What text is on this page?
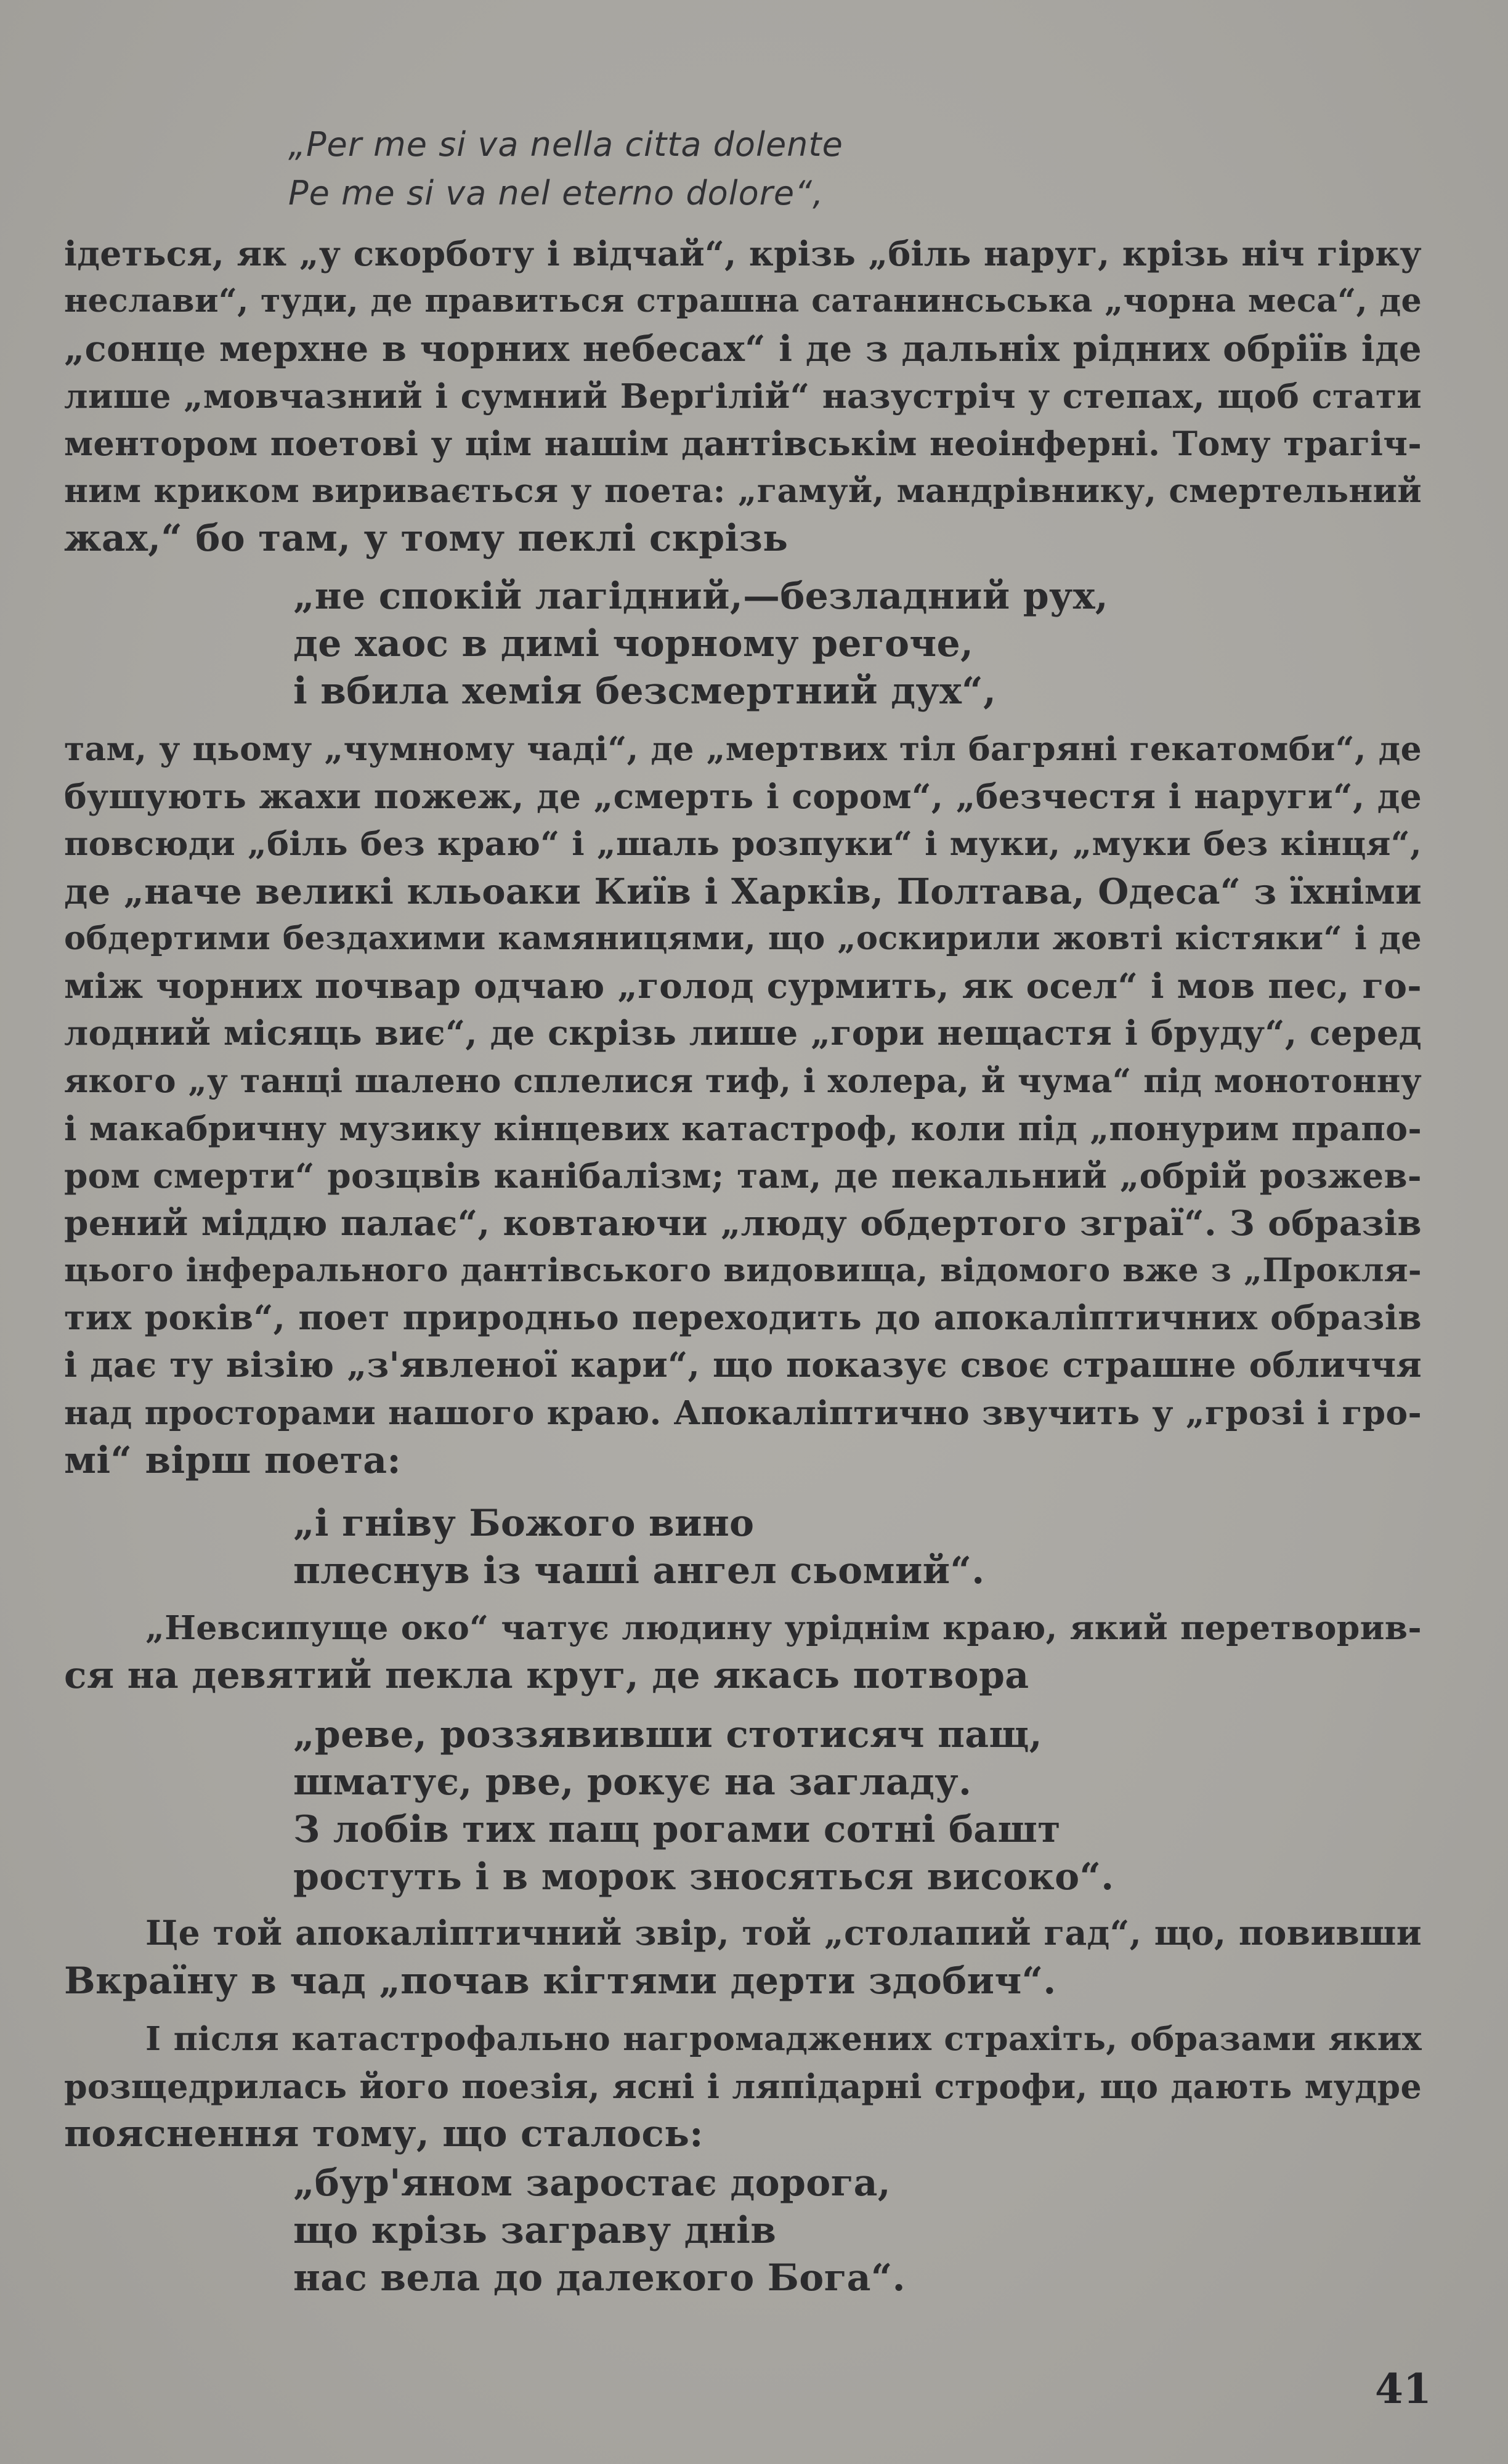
„Per me si va nella citta dolente
Pe me si va nel eterno dolore“,
ідеться, як „у скорботу і відчай“, крізь „біль наруг, крізь ніч гірку
неслави“, туди, де правиться страшна сатанинсьська „чорна меса“, де
„сонце мерхне в чорних небесах“ і де з дальніх рідних обріїв іде
лише „мовчазний і сумний Верґілій“ назустріч у степах, щоб стати
ментором поетові у цім нашім дантівськім неоінферні. Тому трагіч-
ним криком виривається у поета: „гамуй, мандрівнику, смертельний
жах,“ бо там, у тому пеклі скрізь
„не спокій лагідний,—безладний рух,
де хаос в димі чорному регоче,
і вбила хемія безсмертний дух“,
там, у цьому „чумному чаді“, де „мертвих тіл багряні гекатомби“, де
бушують жахи пожеж, де „смерть і сором“, „безчестя і наруги“, де
повсюди „біль без краю“ і „шаль розпуки“ і муки, „муки без кінця“,
де „наче великі кльоаки Київ і Харків, Полтава, Одеса“ з їхніми
обдертими бездахими камяницями, що „оскирили жовті кістяки“ і де
між чорних почвар одчаю „голод сурмить, як осел“ і мов пес, го-
лодний місяць виє“, де скрізь лише „гори нещастя і бруду“, серед
якого „у танці шалено сплелися тиф, і холера, й чума“ під монотонну
і макабричну музику кінцевих катастроф, коли під „понурим прапо-
ром смерти“ розцвів канібалізм; там, де пекальний „обрій розжев-
рений міддю палає“, ковтаючи „люду обдертого зграї“. З образів
цього інферального дантівського видовища, відомого вже з „Прокля-
тих років“, поет природньо переходить до апокаліптичних образів
і дає ту візію „з'явленої кари“, що показує своє страшне обличчя
над просторами нашого краю. Апокаліптично звучить у „грозі і гро-
мі“ вірш поета:
„і гніву Божого вино
плеснув із чаші ангел сьомий“.
„Невсипуще око“ чатує людину уріднім краю, який перетворив-
ся на девятий пекла круг, де якась потвора
„реве, роззявивши стотисяч пащ,
шматує, рве, рокує на загладу.
З лобів тих пащ рогами сотні башт
ростуть і в морок зносяться високо“.
Це той апокаліптичний звір, той „столапий гад“, що, повивши
Вкраїну в чад „почав кігтями дерти здобич“.
І після катастрофально нагромаджених страхіть, образами яких
розщедрилась його поезія, ясні і ляпідарні строфи, що дають мудре
пояснення тому, що сталось:
„бур'яном заростає дорога,
що крізь заграву днів
нас вела до далекого Бога“.
41
